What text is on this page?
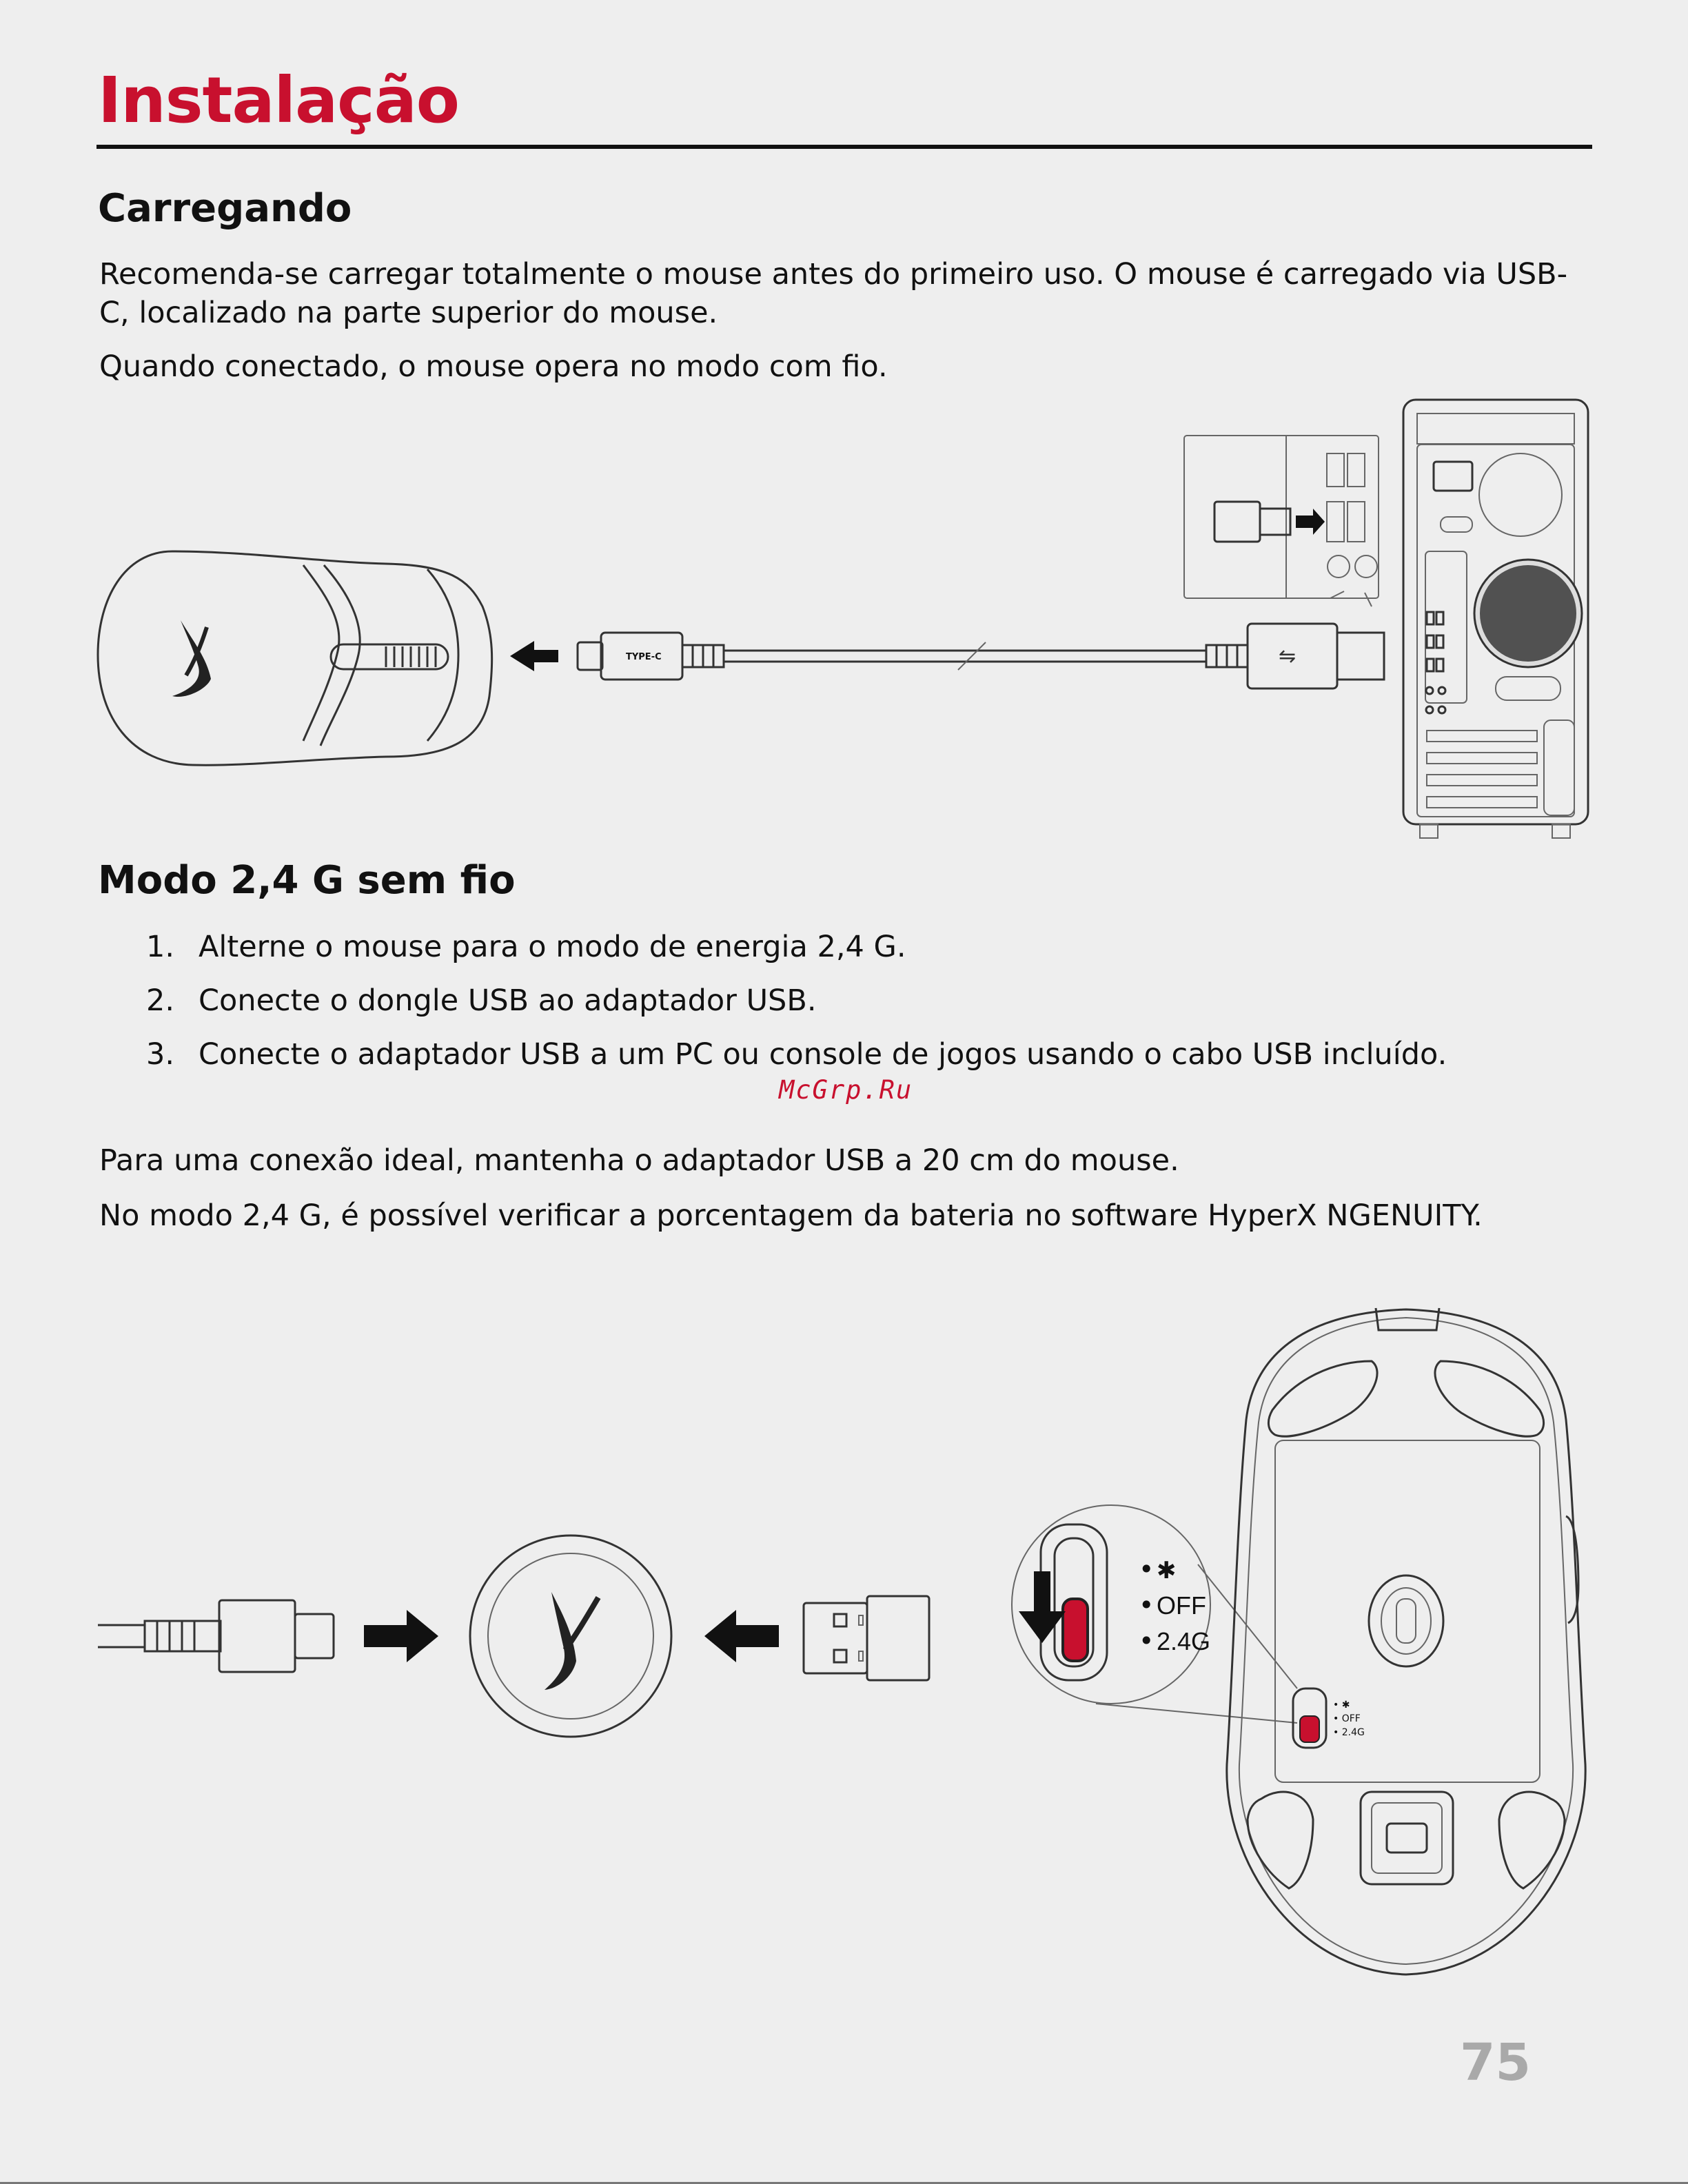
Instalação
Carregando

Recomenda-se carregar totalmente o mouse antes do primeiro uso. O mouse é carregado via USB-C, localizado na parte superior do mouse.

Quando conectado, o mouse opera no modo com fio.

TYPE-C	⇋
Modo 2,4 G sem fio
1. Alterne o mouse para o modo de energia 2,4 G.
2. Conecte o dongle USB ao adaptador USB.
3. Conecte o adaptador USB a um PC ou console de jogos usando o cabo USB incluído.
McGrp.Ru

Para uma conexão ideal, mantenha o adaptador USB a 20 cm do mouse.

No modo 2,4 G, é possível verificar a porcentagem da bateria no software HyperX NGENUITY.

• ✱
• OFF
• 2.4G
• ✱
• OFF
• 2.4G
75
